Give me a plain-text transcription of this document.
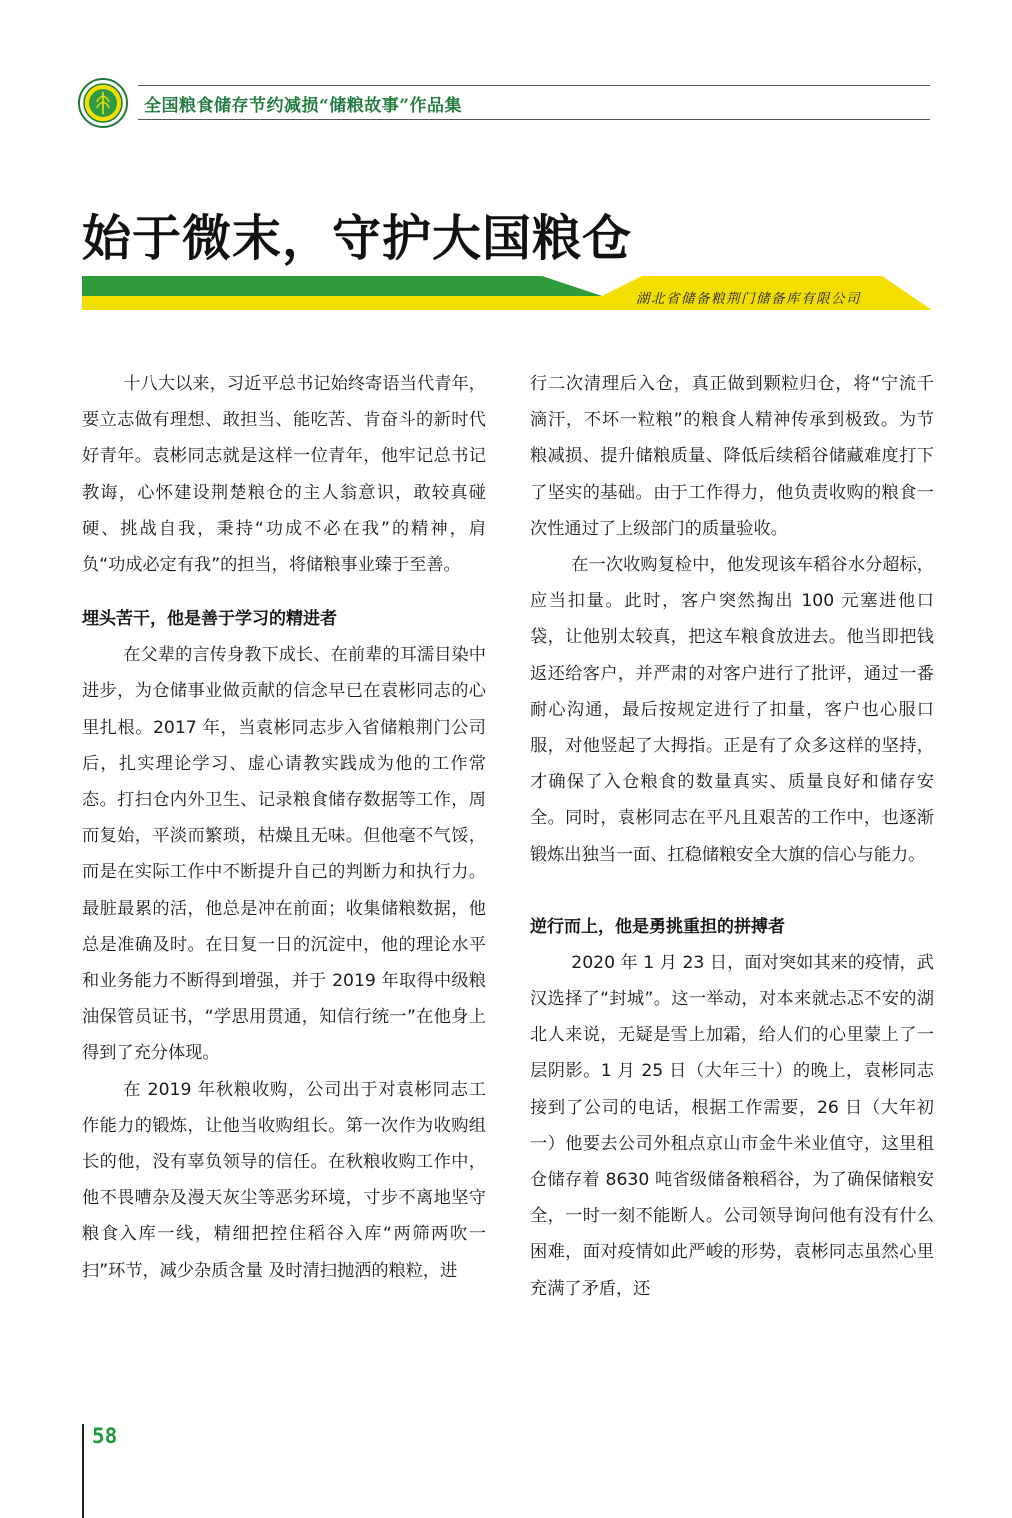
全国粮食储存节约减损“储粮故事”作品集
始于微末，守护大国粮仓
湖北省储备粮荆门储备库有限公司

十八大以来，习近平总书记始终寄语当代青年，要立志做有理想、敢担当、能吃苦、肯奋斗的新时代好青年。袁彬同志就是这样一位青年，他牢记总书记教诲，心怀建设荆楚粮仓的主人翁意识，敢较真碰硬、挑战自我，秉持“功成不必在我”的精神，肩负“功成必定有我”的担当，将储粮事业臻于至善。

埋头苦干，他是善于学习的精进者

在父辈的言传身教下成长、在前辈的耳濡目染中进步，为仓储事业做贡献的信念早已在袁彬同志的心里扎根。2017 年，当袁彬同志步入省储粮荆门公司后，扎实理论学习、虚心请教实践成为他的工作常态。打扫仓内外卫生、记录粮食储存数据等工作，周而复始，平淡而繁琐，枯燥且无味。但他毫不气馁，而是在实际工作中不断提升自己的判断力和执行力。最脏最累的活，他总是冲在前面；收集储粮数据，他总是准确及时。在日复一日的沉淀中，他的理论水平和业务能力不断得到增强，并于 2019 年取得中级粮油保管员证书，“学思用贯通，知信行统一”在他身上得到了充分体现。

在 2019 年秋粮收购，公司出于对袁彬同志工作能力的锻炼，让他当收购组长。第一次作为收购组长的他，没有辜负领导的信任。在秋粮收购工作中，他不畏嘈杂及漫天灰尘等恶劣环境，寸步不离地坚守粮食入库一线，精细把控住稻谷入库“两筛两吹一扫”环节，减少杂质含量 及时清扫抛洒的粮粒，进

行二次清理后入仓，真正做到颗粒归仓，将“宁流千滴汗，不坏一粒粮”的粮食人精神传承到极致。为节粮减损、提升储粮质量、降低后续稻谷储藏难度打下了坚实的基础。由于工作得力，他负责收购的粮食一次性通过了上级部门的质量验收。

在一次收购复检中，他发现该车稻谷水分超标，应当扣量。此时，客户突然掏出 100 元塞进他口袋，让他别太较真，把这车粮食放进去。他当即把钱返还给客户，并严肃的对客户进行了批评，通过一番耐心沟通，最后按规定进行了扣量，客户也心服口服，对他竖起了大拇指。正是有了众多这样的坚持，才确保了入仓粮食的数量真实、质量良好和储存安全。同时，袁彬同志在平凡且艰苦的工作中，也逐渐锻炼出独当一面、扛稳储粮安全大旗的信心与能力。

逆行而上，他是勇挑重担的拼搏者

2020 年 1 月 23 日，面对突如其来的疫情，武汉选择了“封城”。这一举动，对本来就忐忑不安的湖北人来说，无疑是雪上加霜，给人们的心里蒙上了一层阴影。1 月 25 日（大年三十）的晚上，袁彬同志接到了公司的电话，根据工作需要，26 日（大年初一）他要去公司外租点京山市金牛米业值守，这里租仓储存着 8630 吨省级储备粮稻谷，为了确保储粮安全，一时一刻不能断人。公司领导询问他有没有什么困难，面对疫情如此严峻的形势，袁彬同志虽然心里充满了矛盾，还

58
